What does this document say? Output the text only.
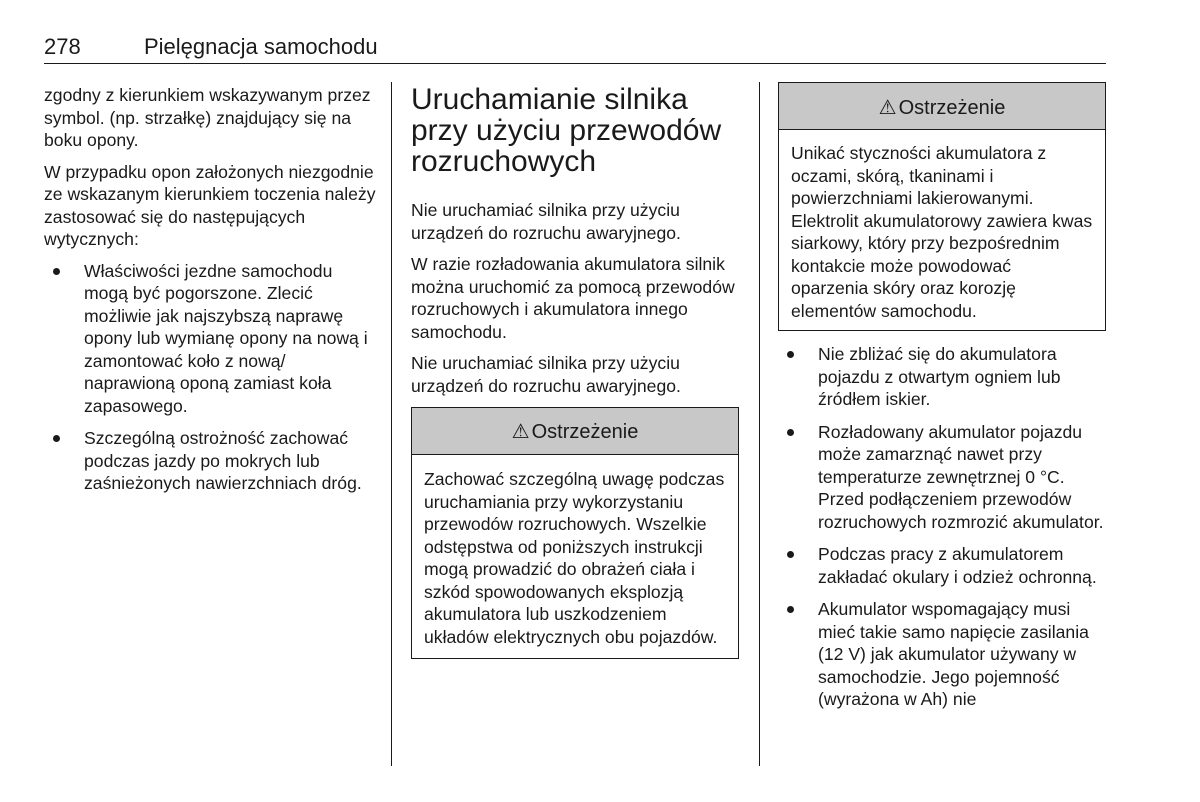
278	Pielęgnacja samochodu

zgodny z kierunkiem wskazywanym przez symbol. (np. strzałkę) znajdujący się na boku opony.

W przypadku opon założonych niezgodnie ze wskazanym kierunkiem toczenia należy zastosować się do następujących wytycznych:

Właściwości jezdne samochodu mogą być pogorszone. Zlecić możliwie jak najszybszą naprawę opony lub wymianę opony na nową i zamontować koło z nową/ naprawioną oponą zamiast koła zapasowego.
Szczególną ostrożność zachować podczas jazdy po mokrych lub zaśnieżonych nawierzchniach dróg.
Uruchamianie silnika przy użyciu przewodów rozruchowych

Nie uruchamiać silnika przy użyciu urządzeń do rozruchu awaryjnego.

W razie rozładowania akumulatora silnik można uruchomić za pomocą przewodów rozruchowych i akumulatora innego samochodu.

Nie uruchamiać silnika przy użyciu urządzeń do rozruchu awaryjnego.

⚠ Ostrzeżenie
Zachować szczególną uwagę podczas uruchamiania przy wykorzystaniu przewodów rozruchowych. Wszelkie odstępstwa od poniższych instrukcji mogą prowadzić do obrażeń ciała i szkód spowodowanych eksplozją akumulatora lub uszkodzeniem układów elektrycznych obu pojazdów.
⚠ Ostrzeżenie
Unikać styczności akumulatora z oczami, skórą, tkaninami i powierzchniami lakierowanymi. Elektrolit akumulatorowy zawiera kwas siarkowy, który przy bezpośrednim kontakcie może powodować oparzenia skóry oraz korozję elementów samochodu.
Nie zbliżać się do akumulatora pojazdu z otwartym ogniem lub źródłem iskier.
Rozładowany akumulator pojazdu może zamarznąć nawet przy temperaturze zewnętrznej 0 °C. Przed podłączeniem przewodów rozruchowych rozmrozić akumulator.
Podczas pracy z akumulatorem zakładać okulary i odzież ochronną.
Akumulator wspomagający musi mieć takie samo napięcie zasilania (12 V) jak akumulator używany w samochodzie. Jego pojemność (wyrażona w Ah) nie
